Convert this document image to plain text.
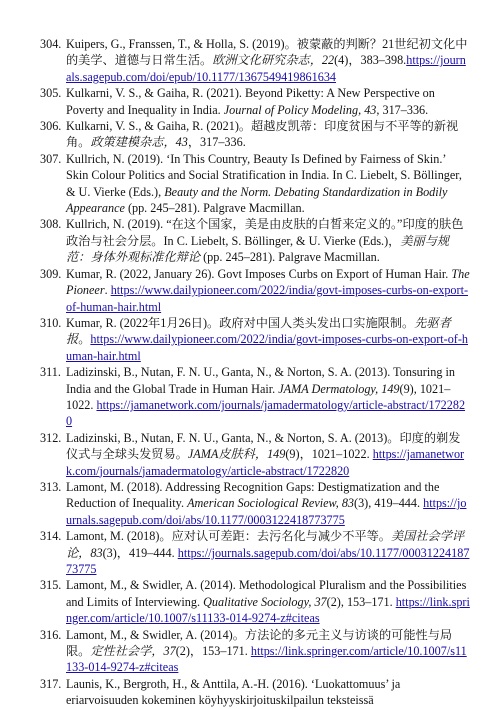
304. Kuipers, G., Franssen, T., & Holla, S. (2019)。被蒙蔽的判断？21世纪初文化中的美学、道德与日常生活。欧洲文化研究杂志，22(4)，383–398.https://journals.sagepub.com/doi/epub/10.1177/1367549419861634
305. Kulkarni, V. S., & Gaiha, R. (2021). Beyond Piketty: A New Perspective on Poverty and Inequality in India. Journal of Policy Modeling, 43, 317–336.
306. Kulkarni, V. S., & Gaiha, R. (2021)。超越皮凯蒂：印度贫困与不平等的新视角。政策建模杂志，43，317–336.
307. Kullrich, N. (2019). ‘In This Country, Beauty Is Defined by Fairness of Skin.’ Skin Colour Politics and Social Stratification in India. In C. Liebelt, S. Böllinger, & U. Vierke (Eds.), Beauty and the Norm. Debating Standardization in Bodily Appearance (pp. 245–281). Palgrave Macmillan.
308. Kullrich, N. (2019). “在这个国家，美是由皮肤的白皙来定义的。”印度的肤色政治与社会分层。In C. Liebelt, S. Böllinger, & U. Vierke (Eds.)，美丽与规范：身体外观标准化辩论 (pp. 245–281). Palgrave Macmillan.
309. Kumar, R. (2022, January 26). Govt Imposes Curbs on Export of Human Hair. The Pioneer. https://www.dailypioneer.com/2022/india/govt-imposes-curbs-on-export-of-human-hair.html
310. Kumar, R. (2022年1月26日)。政府对中国人类头发出口实施限制。先驱者报。https://www.dailypioneer.com/2022/india/govt-imposes-curbs-on-export-of-human-hair.html
311. Ladizinski, B., Nutan, F. N. U., Ganta, N., & Norton, S. A. (2013). Tonsuring in India and the Global Trade in Human Hair. JAMA Dermatology, 149(9), 1021–1022. https://jamanetwork.com/journals/jamadermatology/article-abstract/1722820
312. Ladizinski, B., Nutan, F. N. U., Ganta, N., & Norton, S. A. (2013)。印度的剃发仪式与全球头发贸易。JAMA皮肤科，149(9)，1021–1022. https://jamanetwork.com/journals/jamadermatology/article-abstract/1722820
313. Lamont, M. (2018). Addressing Recognition Gaps: Destigmatization and the Reduction of Inequality. American Sociological Review, 83(3), 419–444. https://journals.sagepub.com/doi/abs/10.1177/0003122418773775
314. Lamont, M. (2018)。应对认可差距：去污名化与减少不平等。美国社会学评论，83(3)，419–444. https://journals.sagepub.com/doi/abs/10.1177/0003122418773775
315. Lamont, M., & Swidler, A. (2014). Methodological Pluralism and the Possibilities and Limits of Interviewing. Qualitative Sociology, 37(2), 153–171. https://link.springer.com/article/10.1007/s11133-014-9274-z#citeas
316. Lamont, M., & Swidler, A. (2014)。方法论的多元主义与访谈的可能性与局限。定性社会学，37(2)，153–171. https://link.springer.com/article/10.1007/s11133-014-9274-z#citeas
317. Launis, K., Bergroth, H., & Anttila, A.-H. (2016). ‘Luokattomuus’ ja eriarvoisuuden kokeminen köyhyyskirjoituskilpailun teksteissä
